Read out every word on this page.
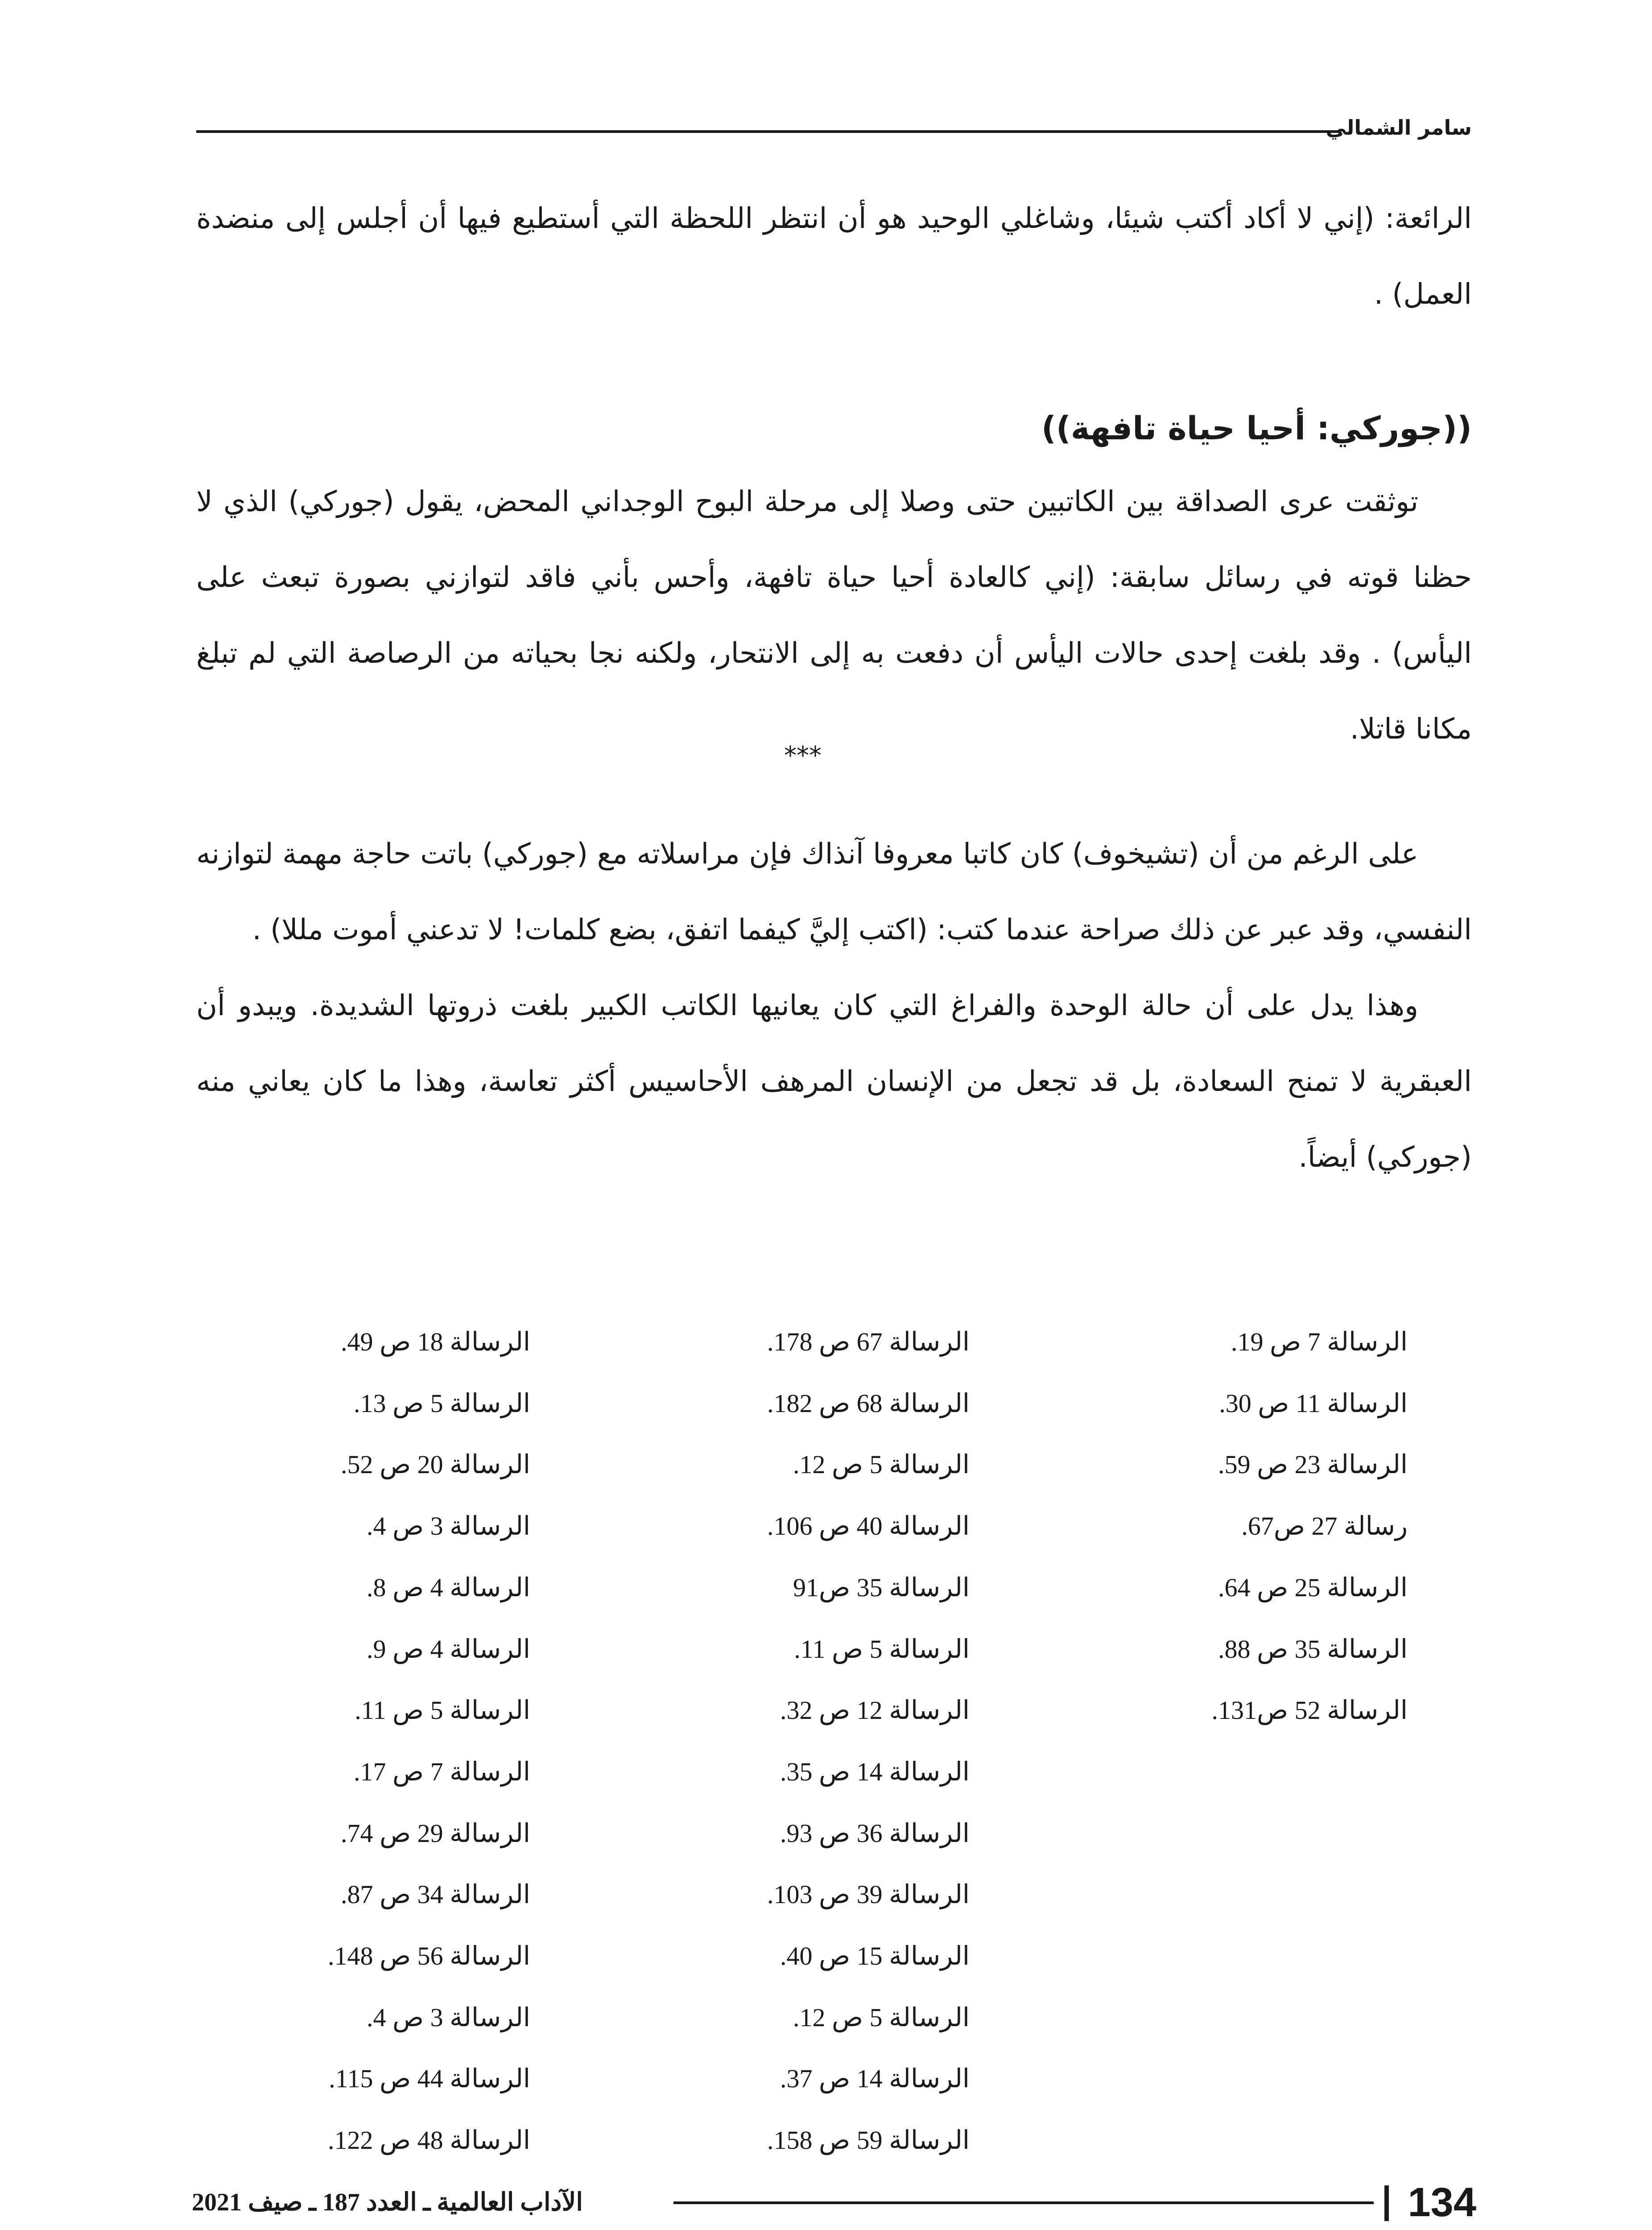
سامر الشمالي

الرائعة: (إني لا أكاد أكتب شيئا، وشاغلي الوحيد هو أن انتظر اللحظة التي أستطيع فيها أن أجلس إلى منضدة العمل) .

((جوركي: أحيا حياة تافهة))

توثقت عرى الصداقة بين الكاتبين حتى وصلا إلى مرحلة البوح الوجداني المحض، يقول (جوركي) الذي لا حظنا قوته في رسائل سابقة: (إني كالعادة أحيا حياة تافهة، وأحس بأني فاقد لتوازني بصورة تبعث على اليأس) . وقد بلغت إحدى حالات اليأس أن دفعت به إلى الانتحار، ولكنه نجا بحياته من الرصاصة التي لم تبلغ مكانا قاتلا.

***

على الرغم من أن (تشيخوف) كان كاتبا معروفا آنذاك فإن مراسلاته مع (جوركي) باتت حاجة مهمة لتوازنه النفسي، وقد عبر عن ذلك صراحة عندما كتب: (اكتب إليَّ كيفما اتفق، بضع كلمات! لا تدعني أموت مللا) .

وهذا يدل على أن حالة الوحدة والفراغ التي كان يعانيها الكاتب الكبير بلغت ذروتها الشديدة. ويبدو أن العبقرية لا تمنح السعادة، بل قد تجعل من الإنسان المرهف الأحاسيس أكثر تعاسة، وهذا ما كان يعاني منه (جوركي) أيضاً.

الرسالة 7 ص 19.
الرسالة 11 ص 30.
الرسالة 23 ص 59.
رسالة 27 ص67.
الرسالة 25 ص 64.
الرسالة 35 ص 88.
الرسالة 52 ص131.
الرسالة 67 ص 178.
الرسالة 68 ص 182.
الرسالة 5 ص 12.
الرسالة 40 ص 106.
الرسالة 35 ص91
الرسالة 5 ص 11.
الرسالة 12 ص 32.
الرسالة 14 ص 35.
الرسالة 36 ص 93.
الرسالة 39 ص 103.
الرسالة 15 ص 40.
الرسالة 5 ص 12.
الرسالة 14 ص 37.
الرسالة 59 ص 158.
الرسالة 18 ص 49.
الرسالة 5 ص 13.
الرسالة 20 ص 52.
الرسالة 3 ص 4.
الرسالة 4 ص 8.
الرسالة 4 ص 9.
الرسالة 5 ص 11.
الرسالة 7 ص 17.
الرسالة 29 ص 74.
الرسالة 34 ص 87.
الرسالة 56 ص 148.
الرسالة 3 ص 4.
الرسالة 44 ص 115.
الرسالة 48 ص 122.
الآداب العالمية ـ العدد 187 ـ صيف 2021	134
